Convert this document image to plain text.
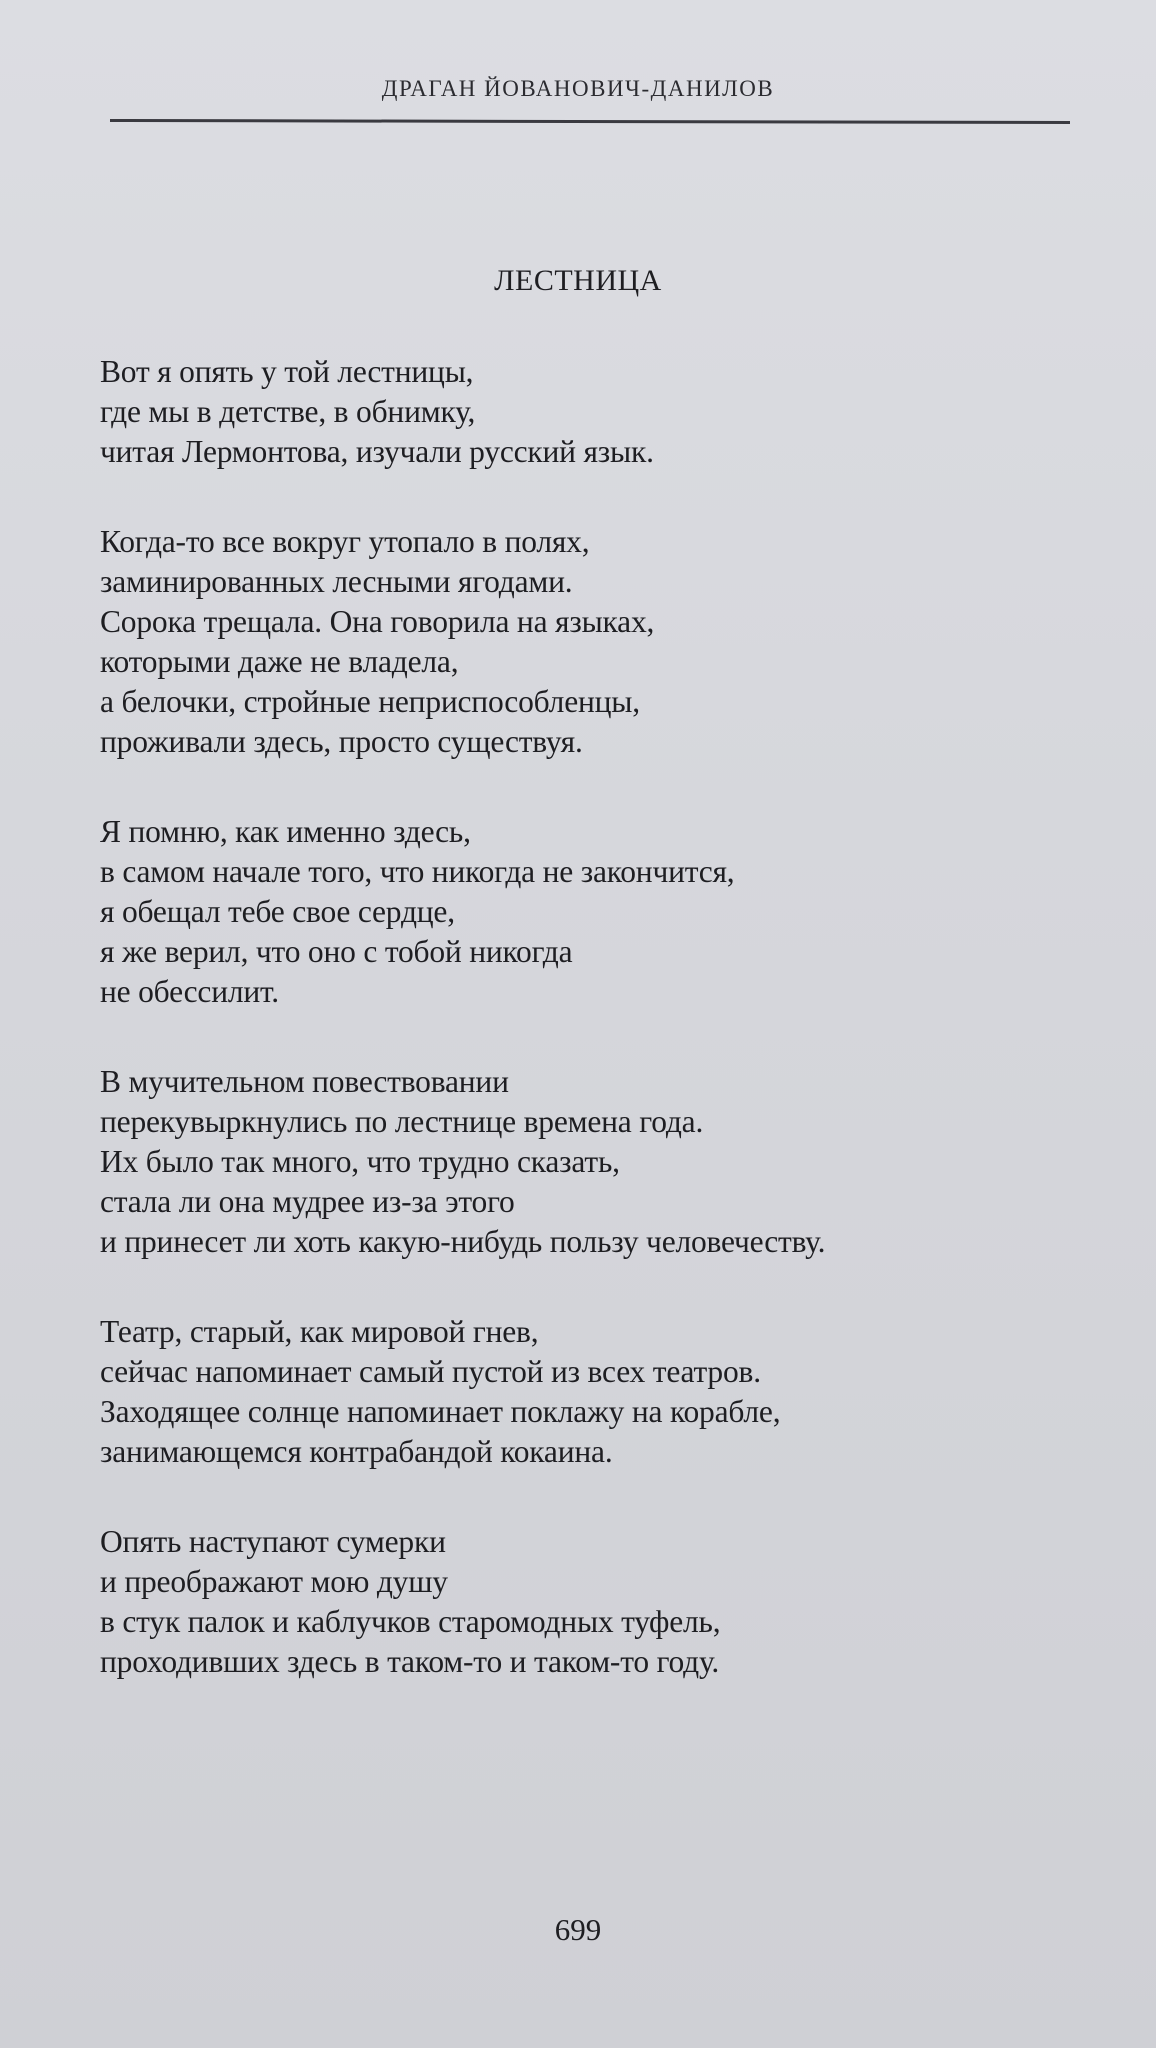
ДРАГАН ЙОВАНОВИЧ-ДАНИЛОВ
ЛЕСТНИЦА
Вот я опять у той лестницы,
где мы в детстве, в обнимку,
читая Лермонтова, изучали русский язык.
Когда-то все вокруг утопало в полях,
заминированных лесными ягодами.
Сорока трещала. Она говорила на языках,
которыми даже не владела,
а белочки, стройные неприспособленцы,
проживали здесь, просто существуя.
Я помню, как именно здесь,
в самом начале того, что никогда не закончится,
я обещал тебе свое сердце,
я же верил, что оно с тобой никогда
не обессилит.
В мучительном повествовании
перекувыркнулись по лестнице времена года.
Их было так много, что трудно сказать,
стала ли она мудрее из-за этого
и принесет ли хоть какую-нибудь пользу человечеству.
Театр, старый, как мировой гнев,
сейчас напоминает самый пустой из всех театров.
Заходящее солнце напоминает поклажу на корабле,
занимающемся контрабандой кокаина.
Опять наступают сумерки
и преображают мою душу
в стук палок и каблучков старомодных туфель,
проходивших здесь в таком-то и таком-то году.
699
